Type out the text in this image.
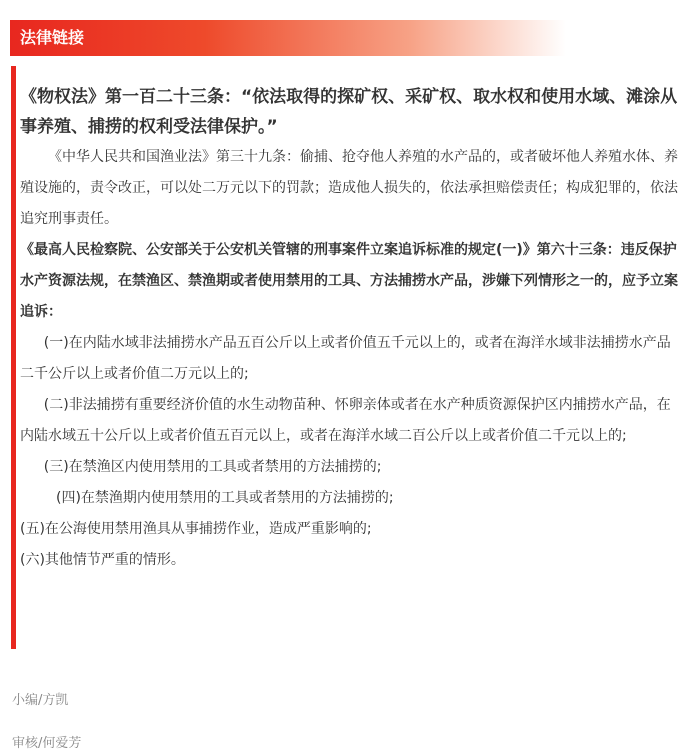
法律链接

《物权法》第一百二十三条：“依法取得的探矿权、采矿权、取水权和使用水域、滩涂从事养殖、捕捞的权利受法律保护。”

《中华人民共和国渔业法》第三十九条：偷捕、抢夺他人养殖的水产品的，或者破坏他人养殖水体、养殖设施的，责令改正，可以处二万元以下的罚款；造成他人损失的，依法承担赔偿责任；构成犯罪的，依法追究刑事责任。

《最高人民检察院、公安部关于公安机关管辖的刑事案件立案追诉标准的规定(一)》第六十三条：违反保护水产资源法规，在禁渔区、禁渔期或者使用禁用的工具、方法捕捞水产品，涉嫌下列情形之一的，应予立案追诉：

(一)在内陆水域非法捕捞水产品五百公斤以上或者价值五千元以上的，或者在海洋水域非法捕捞水产品二千公斤以上或者价值二万元以上的;

(二)非法捕捞有重要经济价值的水生动物苗种、怀卵亲体或者在水产种质资源保护区内捕捞水产品，在内陆水域五十公斤以上或者价值五百元以上，或者在海洋水域二百公斤以上或者价值二千元以上的;

(三)在禁渔区内使用禁用的工具或者禁用的方法捕捞的;

(四)在禁渔期内使用禁用的工具或者禁用的方法捕捞的;

(五)在公海使用禁用渔具从事捕捞作业，造成严重影响的;

(六)其他情节严重的情形。

小编/方凯
审核/何爱芳
